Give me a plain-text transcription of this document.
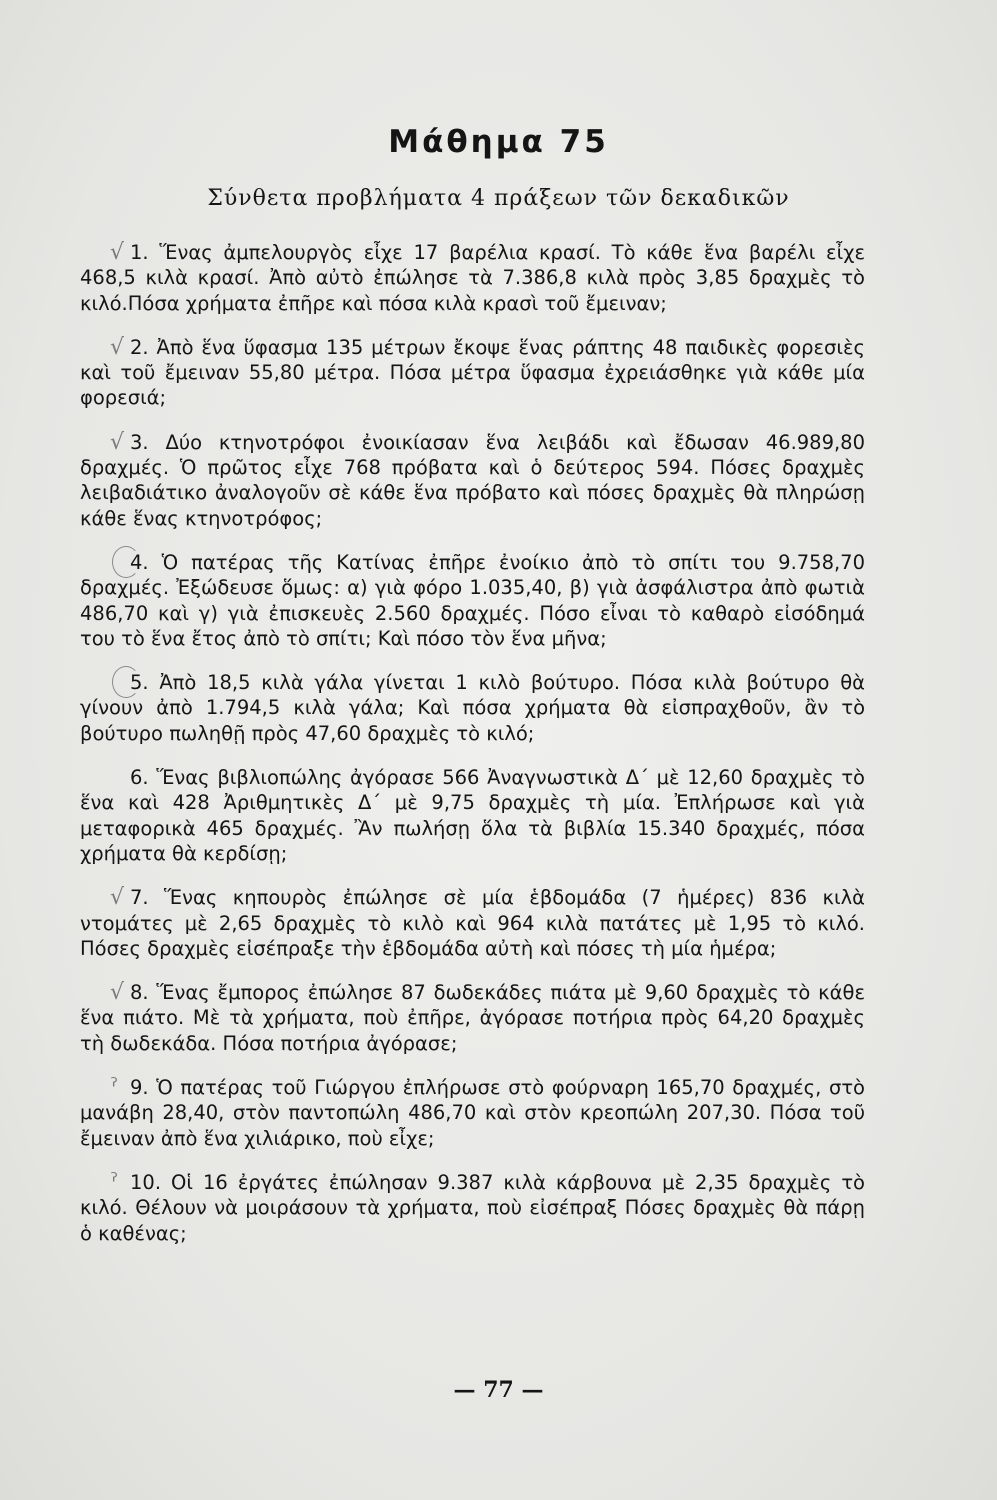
Μάθημα 75
Σύνθετα προβλήματα 4 πράξεων τῶν δεκαδικῶν

√ 1. Ἕνας ἀμπελουργὸς εἶχε 17 βαρέλια κρασί. Τὸ κάθε ἕνα βαρέλι εἶχε 468,5 κιλὰ κρασί. Ἀπὸ αὐτὸ ἐπώλησε τὰ 7.386,8 κιλὰ πρὸς 3,85 δραχμὲς τὸ κιλό.Πόσα χρήματα ἐπῆρε καὶ πόσα κιλὰ κρασὶ τοῦ ἔμειναν;

√ 2. Ἀπὸ ἕνα ὕφασμα 135 μέτρων ἔκοψε ἕνας ράπτης 48 παιδικὲς φορεσιὲς καὶ τοῦ ἔμειναν 55,80 μέτρα. Πόσα μέτρα ὕφασμα ἐχρειάσθηκε γιὰ κάθε μία φορεσιά;

√ 3. Δύο κτηνοτρόφοι ἐνοικίασαν ἕνα λειβάδι καὶ ἔδωσαν 46.989,80 δραχμές. Ὁ πρῶτος εἶχε 768 πρόβατα καὶ ὁ δεύτερος 594. Πόσες δραχμὲς λειβαδιάτικο ἀναλογοῦν σὲ κάθε ἕνα πρόβατο καὶ πόσες δραχμὲς θὰ πληρώσῃ κάθε ἕνας κτηνοτρόφος;

4. Ὁ πατέρας τῆς Κατίνας ἐπῆρε ἐνοίκιο ἀπὸ τὸ σπίτι του 9.758,70 δραχμές. Ἐξώδευσε ὅμως: α) γιὰ φόρο 1.035,40, β) γιὰ ἀσφάλιστρα ἀπὸ φωτιὰ 486,70 καὶ γ) γιὰ ἐπισκευὲς 2.560 δραχμές. Πόσο εἶναι τὸ καθαρὸ εἰσόδημά του τὸ ἕνα ἔτος ἀπὸ τὸ σπίτι; Καὶ πόσο τὸν ἕνα μῆνα;

5. Ἀπὸ 18,5 κιλὰ γάλα γίνεται 1 κιλὸ βούτυρο. Πόσα κιλὰ βούτυρο θὰ γίνουν ἀπὸ 1.794,5 κιλὰ γάλα; Καὶ πόσα χρήματα θὰ εἰσπραχθοῦν, ἂν τὸ βούτυρο πωληθῇ πρὸς 47,60 δραχμὲς τὸ κιλό;

6. Ἕνας βιβλιοπώλης ἀγόρασε 566 Ἀναγνωστικὰ Δ΄ μὲ 12,60 δραχμὲς τὸ ἕνα καὶ 428 Ἀριθμητικὲς Δ΄ μὲ 9,75 δραχμὲς τὴ μία. Ἐπλήρωσε καὶ γιὰ μεταφορικὰ 465 δραχμές. Ἂν πωλήσῃ ὅλα τὰ βιβλία 15.340 δραχμές, πόσα χρήματα θὰ κερδίσῃ;

√ 7. Ἕνας κηπουρὸς ἐπώλησε σὲ μία ἑβδομάδα (7 ἡμέρες) 836 κιλὰ ντομάτες μὲ 2,65 δραχμὲς τὸ κιλὸ καὶ 964 κιλὰ πατάτες μὲ 1,95 τὸ κιλό. Πόσες δραχμὲς εἰσέπραξε τὴν ἑβδομάδα αὐτὴ καὶ πόσες τὴ μία ἡμέρα;

√ 8. Ἕνας ἔμπορος ἐπώλησε 87 δωδεκάδες πιάτα μὲ 9,60 δραχμὲς τὸ κάθε ἕνα πιάτο. Μὲ τὰ χρήματα, ποὺ ἐπῆρε, ἀγόρασε ποτήρια πρὸς 64,20 δραχμὲς τὴ δωδεκάδα. Πόσα ποτήρια ἀγόρασε;

ˀ 9. Ὁ πατέρας τοῦ Γιώργου ἐπλήρωσε στὸ φούρναρη 165,70 δραχμές, στὸ μανάβη 28,40, στὸν παντοπώλη 486,70 καὶ στὸν κρεοπώλη 207,30. Πόσα τοῦ ἔμειναν ἀπὸ ἕνα χιλιάρικο, ποὺ εἶχε;

ˀ 10. Οἱ 16 ἐργάτες ἐπώλησαν 9.387 κιλὰ κάρβουνα μὲ 2,35 δραχμὲς τὸ κιλό. Θέλουν νὰ μοιράσουν τὰ χρήματα, ποὺ εἰσέπραξ Πόσες δραχμὲς θὰ πάρῃ ὁ καθένας;

— 77 —
